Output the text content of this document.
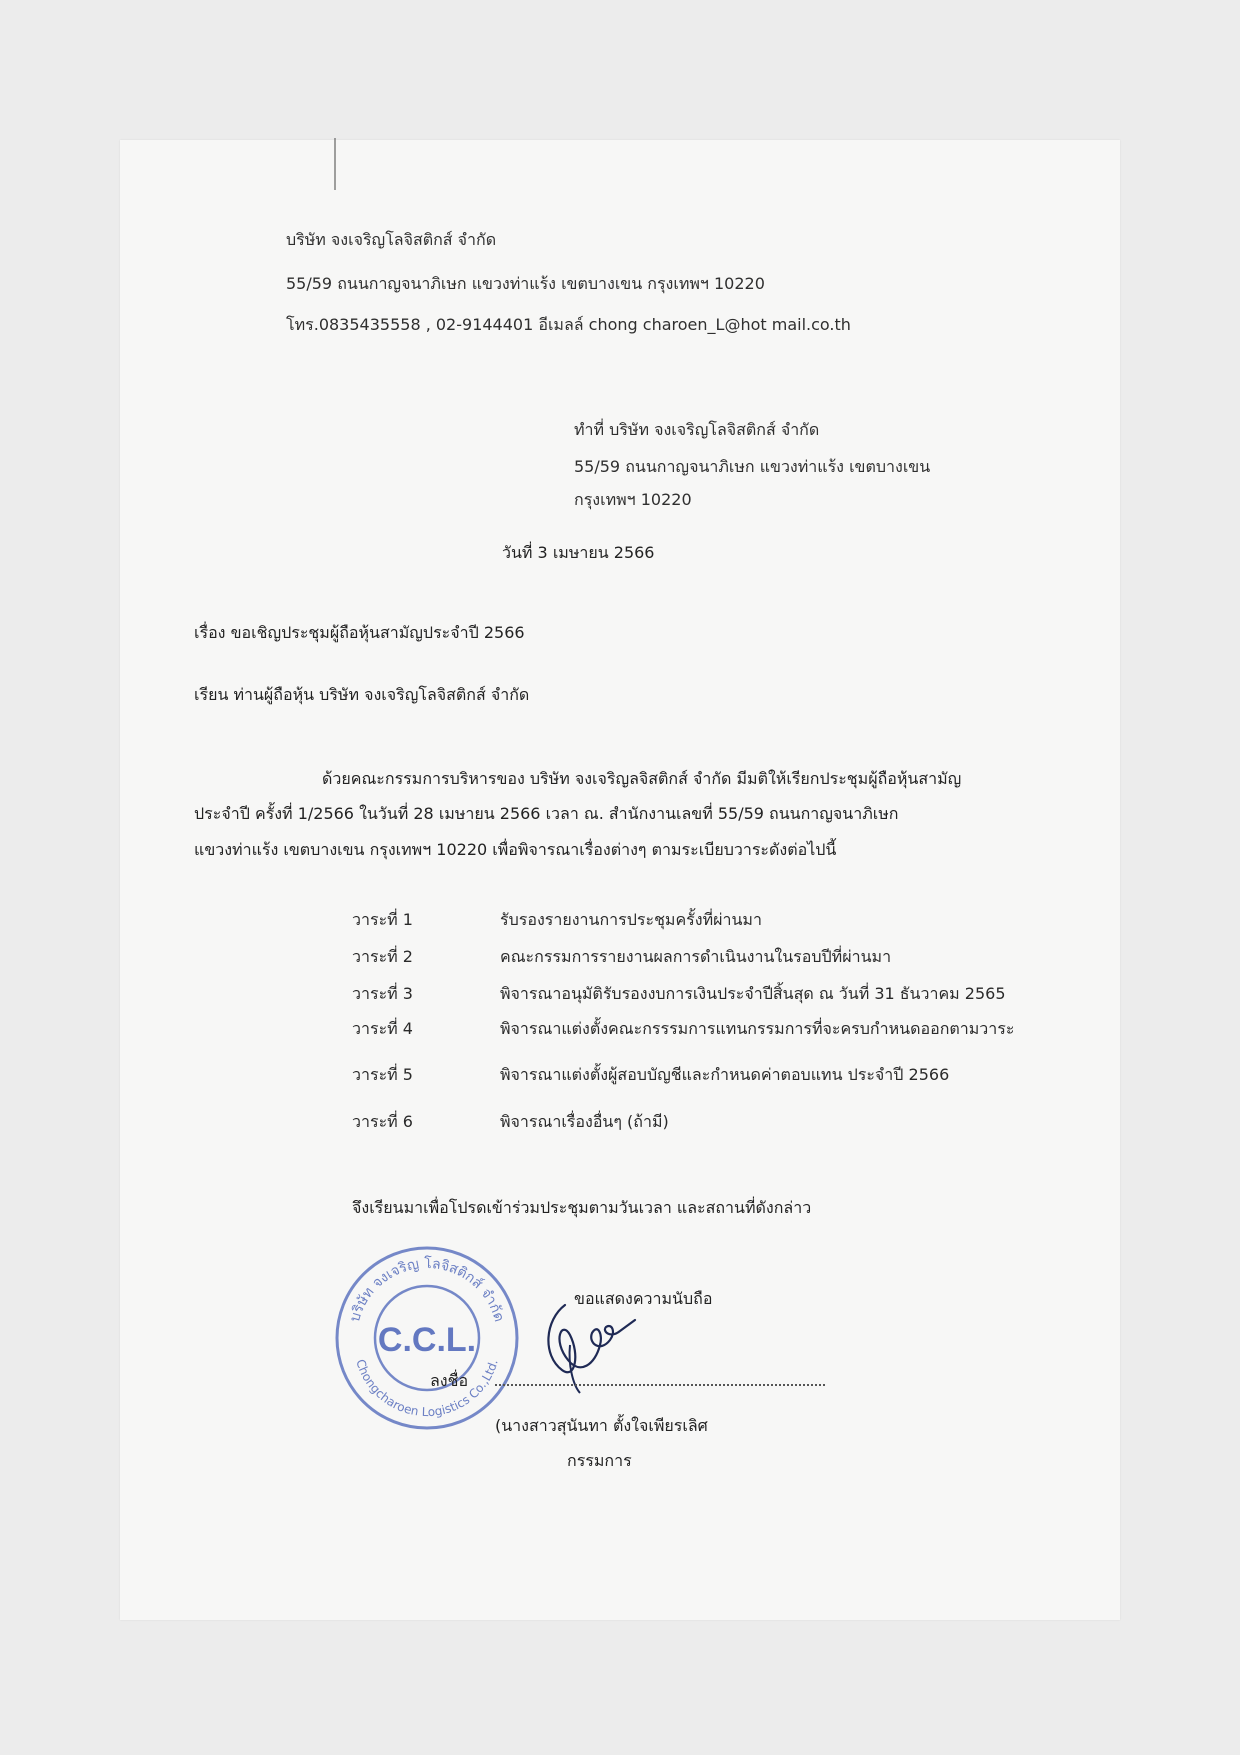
บริษัท จงเจริญโลจิสติกส์ จำกัด
55/59 ถนนกาญจนาภิเษก แขวงท่าแร้ง เขตบางเขน กรุงเทพฯ 10220
โทร.0835435558 , 02-9144401 อีเมลล์ chong charoen_L@hot mail.co.th
ทำที่ บริษัท จงเจริญโลจิสติกส์ จำกัด
55/59 ถนนกาญจนาภิเษก แขวงท่าแร้ง เขตบางเขน
กรุงเทพฯ 10220
วันที่ 3 เมษายน 2566
เรื่อง ขอเชิญประชุมผู้ถือหุ้นสามัญประจำปี 2566
เรียน ท่านผู้ถือหุ้น บริษัท จงเจริญโลจิสติกส์ จำกัด
ด้วยคณะกรรมการบริหารของ บริษัท จงเจริญลจิสติกส์ จำกัด มีมติให้เรียกประชุมผู้ถือหุ้นสามัญ
ประจำปี ครั้งที่ 1/2566 ในวันที่ 28 เมษายน 2566 เวลา ณ. สำนักงานเลขที่ 55/59 ถนนกาญจนาภิเษก
แขวงท่าแร้ง เขตบางเขน กรุงเทพฯ 10220 เพื่อพิจารณาเรื่องต่างๆ ตามระเบียบวาระดังต่อไปนี้
วาระที่ 1	รับรองรายงานการประชุมครั้งที่ผ่านมา
วาระที่ 2	คณะกรรมการรายงานผลการดำเนินงานในรอบปีที่ผ่านมา
วาระที่ 3	พิจารณาอนุมัติรับรองงบการเงินประจำปีสิ้นสุด ณ วันที่ 31 ธันวาคม 2565
วาระที่ 4	พิจารณาแต่งตั้งคณะกรรรมการแทนกรรมการที่จะครบกำหนดออกตามวาระ
วาระที่ 5	พิจารณาแต่งตั้งผู้สอบบัญชีและกำหนดค่าตอบแทน ประจำปี 2566
วาระที่ 6	พิจารณาเรื่องอื่นๆ (ถ้ามี)
จึงเรียนมาเพื่อโปรดเข้าร่วมประชุมตามวันเวลา และสถานที่ดังกล่าว
บริษัท จงเจริญ โลจิสติกส์ จำกัด
Chongcharoen Logistics Co.,Ltd.
C.C.L.
ขอแสดงความนับถือ
ลงชื่อ
(นางสาวสุนันทา ตั้งใจเพียรเลิศ
กรรมการ
